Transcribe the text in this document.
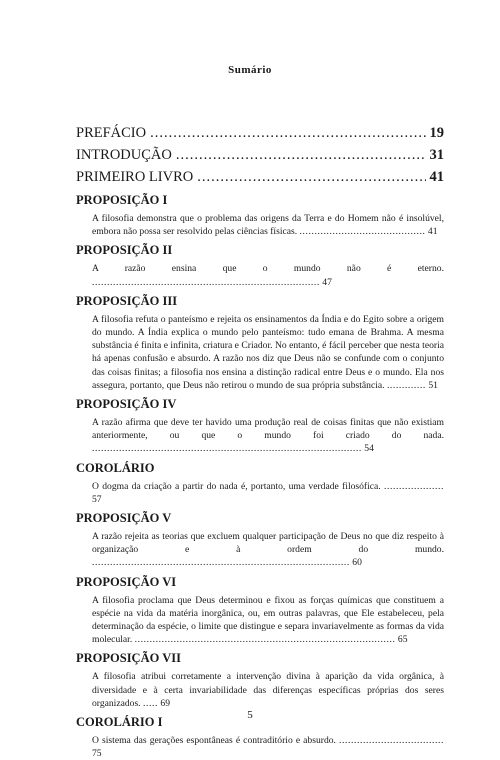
Sumário
PREFÁCIO .....	19
INTRODUÇÃO .....	31
PRIMEIRO LIVRO .....	41
PROPOSIÇÃO I
A filosofia demonstra que o problema das origens da Terra e do Homem não é insolúvel, embora não possa ser resolvido pelas ciências físicas. .......................................... 41
PROPOSIÇÃO II
A razão ensina que o mundo não é eterno. ............................................................................ 47
PROPOSIÇÃO III
A filosofia refuta o panteísmo e rejeita os ensinamentos da Índia e do Egito sobre a origem do mundo. A Índia explica o mundo pelo panteísmo: tudo emana de Brahma. A mesma substância é finita e infinita, criatura e Criador. No entanto, é fácil perceber que nesta teoria há apenas confusão e absurdo. A razão nos diz que Deus não se confunde com o conjunto das coisas finitas; a filosofia nos ensina a distinção radical entre Deus e o mundo. Ela nos assegura, portanto, que Deus não retirou o mundo de sua própria substância. ............. 51
PROPOSIÇÃO IV
A razão afirma que deve ter havido uma produção real de coisas finitas que não existiam anteriormente, ou que o mundo foi criado do nada. .......................................................................................... 54
COROLÁRIO
O dogma da criação a partir do nada é, portanto, uma verdade filosófica. .................... 57
PROPOSIÇÃO V
A razão rejeita as teorias que excluem qualquer participação de Deus no que diz respeito à organização e à ordem do mundo. ...................................................................................... 60
PROPOSIÇÃO VI
A filosofia proclama que Deus determinou e fixou as forças químicas que constituem a espécie na vida da matéria inorgânica, ou, em outras palavras, que Ele estabeleceu, pela determinação da espécie, o limite que distingue e separa invariavelmente as formas da vida molecular. ....................................................................................... 65
PROPOSIÇÃO VII
A filosofia atribui corretamente a intervenção divina à aparição da vida orgânica, à diversidade e à certa invariabilidade das diferenças específicas próprias dos seres organizados. ..... 69
COROLÁRIO I
O sistema das gerações espontâneas é contraditório e absurdo. ................................... 75
5
